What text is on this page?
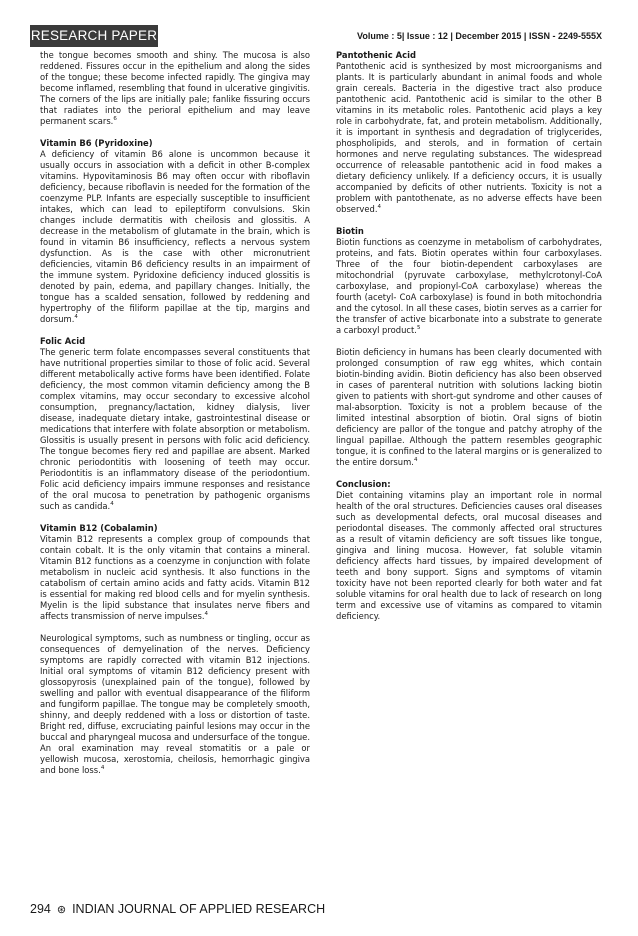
RESEARCH PAPER	Volume : 5| Issue : 12 | December 2015 | ISSN - 2249-555X

the tongue becomes smooth and shiny. The mucosa is also reddened. Fissures occur in the epithelium and along the sides of the tongue; these become infected rapidly. The gingiva may become inflamed, resembling that found in ulcerative gingivitis. The corners of the lips are initially pale; fanlike fissuring occurs that radiates into the perioral epithelium and may leave permanent scars.$^6$

Vitamin B6 (Pyridoxine)

A deficiency of vitamin B6 alone is uncommon because it usually occurs in association with a deficit in other B-complex vitamins. Hypovitaminosis B6 may often occur with riboflavin deficiency, because riboflavin is needed for the formation of the coenzyme PLP. Infants are especially susceptible to insufficient intakes, which can lead to epileptiform convulsions. Skin changes include dermatitis with cheilosis and glossitis. A decrease in the metabolism of glutamate in the brain, which is found in vitamin B6 insufficiency, reflects a nervous system dysfunction. As is the case with other micronutrient deficiencies, vitamin B6 deficiency results in an impairment of the immune system. Pyridoxine deficiency induced glossitis is denoted by pain, edema, and papillary changes. Initially, the tongue has a scalded sensation, followed by reddening and hypertrophy of the filiform papillae at the tip, margins and dorsum.$^4$

Folic Acid

The generic term folate encompasses several constituents that have nutritional properties similar to those of folic acid. Several different metabolically active forms have been identified. Folate deficiency, the most common vitamin deficiency among the B complex vitamins, may occur secondary to excessive alcohol consumption, pregnancy/lactation, kidney dialysis, liver disease, inadequate dietary intake, gastrointestinal disease or medications that interfere with folate absorption or metabolism. Glossitis is usually present in persons with folic acid deficiency. The tongue becomes fiery red and papillae are absent. Marked chronic periodontitis with loosening of teeth may occur. Periodontitis is an inflammatory disease of the periodontium. Folic acid deficiency impairs immune responses and resistance of the oral mucosa to penetration by pathogenic organisms such as candida.$^4$

Vitamin B12 (Cobalamin)

Vitamin B12 represents a complex group of compounds that contain cobalt. It is the only vitamin that contains a mineral. Vitamin B12 functions as a coenzyme in conjunction with folate metabolism in nucleic acid synthesis. It also functions in the catabolism of certain amino acids and fatty acids. Vitamin B12 is essential for making red blood cells and for myelin synthesis. Myelin is the lipid substance that insulates nerve fibers and affects transmission of nerve impulses.$^4$

Neurological symptoms, such as numbness or tingling, occur as consequences of demyelination of the nerves. Deficiency symptoms are rapidly corrected with vitamin B12 injections. Initial oral symptoms of vitamin B12 deficiency present with glossopyrosis (unexplained pain of the tongue), followed by swelling and pallor with eventual disappearance of the filiform and fungiform papillae. The tongue may be completely smooth, shinny, and deeply reddened with a loss or distortion of taste. Bright red, diffuse, excruciating painful lesions may occur in the buccal and pharyngeal mucosa and undersurface of the tongue. An oral examination may reveal stomatitis or a pale or yellowish mucosa, xerostomia, cheilosis, hemorrhagic gingiva and bone loss.$^4$

Pantothenic Acid

Pantothenic acid is synthesized by most microorganisms and plants. It is particularly abundant in animal foods and whole grain cereals. Bacteria in the digestive tract also produce pantothenic acid. Pantothenic acid is similar to the other B vitamins in its metabolic roles. Pantothenic acid plays a key role in carbohydrate, fat, and protein metabolism. Additionally, it is important in synthesis and degradation of triglycerides, phospholipids, and sterols, and in formation of certain hormones and nerve regulating substances. The widespread occurrence of releasable pantothenic acid in food makes a dietary deficiency unlikely. If a deficiency occurs, it is usually accompanied by deficits of other nutrients. Toxicity is not a problem with pantothenate, as no adverse effects have been observed.$^4$

Biotin

Biotin functions as coenzyme in metabolism of carbohydrates, proteins, and fats. Biotin operates within four carboxylases. Three of the four biotin-dependent carboxylases are mitochondrial (pyruvate carboxylase, methylcrotonyl-CoA carboxylase, and propionyl-CoA carboxylase) whereas the fourth (acetyl- CoA carboxylase) is found in both mitochondria and the cytosol. In all these cases, biotin serves as a carrier for the transfer of active bicarbonate into a substrate to generate a carboxyl product.$^5$

Biotin deficiency in humans has been clearly documented with prolonged consumption of raw egg whites, which contain biotin-binding avidin. Biotin deficiency has also been observed in cases of parenteral nutrition with solutions lacking biotin given to patients with short-gut syndrome and other causes of mal-absorption. Toxicity is not a problem because of the limited intestinal absorption of biotin. Oral signs of biotin deficiency are pallor of the tongue and patchy atrophy of the lingual papillae. Although the pattern resembles geographic tongue, it is confined to the lateral margins or is generalized to the entire dorsum.$^4$

Conclusion:

Diet containing vitamins play an important role in normal health of the oral structures. Deficiencies causes oral diseases such as developmental defects, oral mucosal diseases and periodontal diseases. The commonly affected oral structures as a result of vitamin deficiency are soft tissues like tongue, gingiva and lining mucosa. However, fat soluble vitamin deficiency affects hard tissues, by impaired development of teeth and bony support. Signs and symptoms of vitamin toxicity have not been reported clearly for both water and fat soluble vitamins for oral health due to lack of research on long term and excessive use of vitamins as compared to vitamin deficiency.

294 ⊛ INDIAN JOURNAL OF APPLIED RESEARCH
